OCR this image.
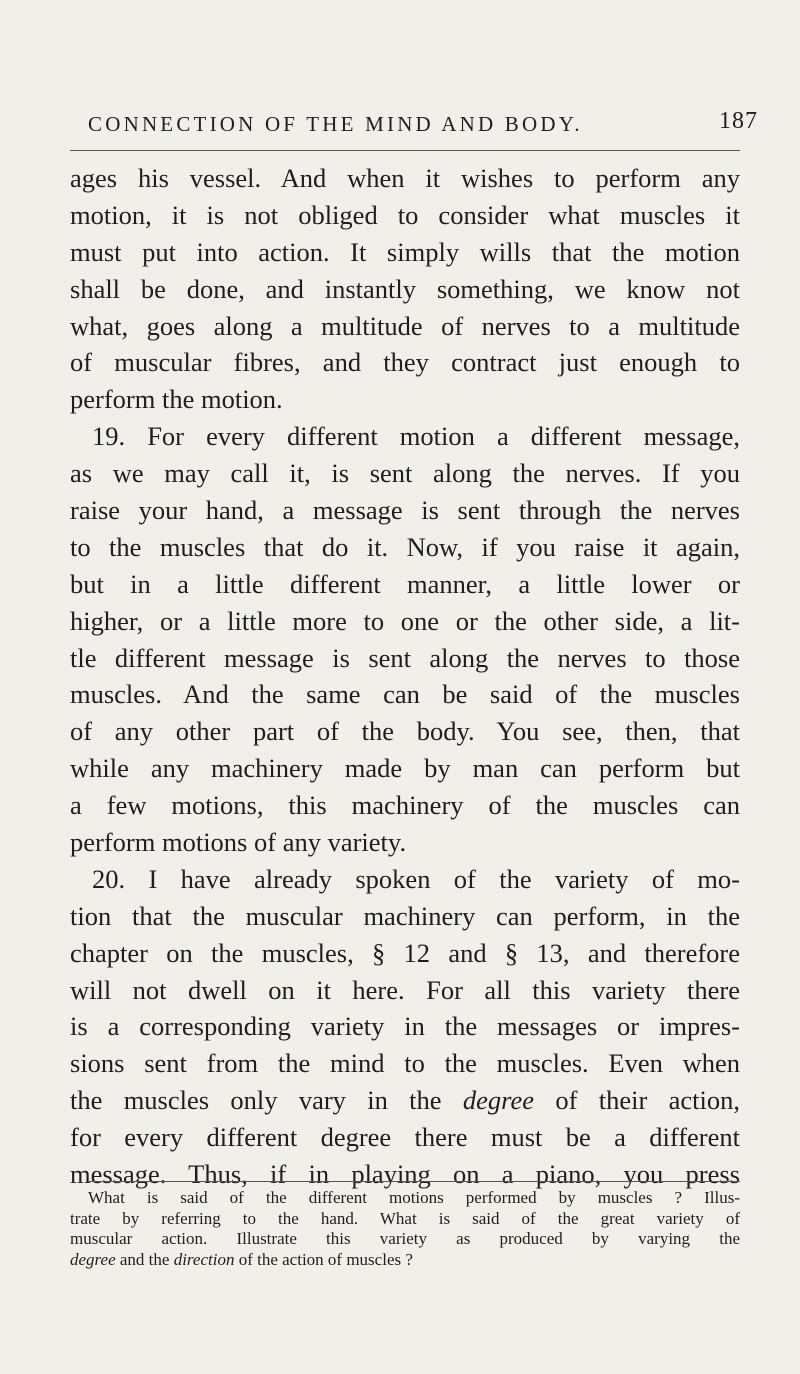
CONNECTION OF THE MIND AND BODY.	187
ages his vessel. And when it wishes to perform any
motion, it is not obliged to consider what muscles it
must put into action. It simply wills that the motion
shall be done, and instantly something, we know not
what, goes along a multitude of nerves to a multitude
of muscular fibres, and they contract just enough to
perform the motion.
19. For every different motion a different message,
as we may call it, is sent along the nerves. If you
raise your hand, a message is sent through the nerves
to the muscles that do it. Now, if you raise it again,
but in a little different manner, a little lower or
higher, or a little more to one or the other side, a lit-
tle different message is sent along the nerves to those
muscles. And the same can be said of the muscles
of any other part of the body. You see, then, that
while any machinery made by man can perform but
a few motions, this machinery of the muscles can
perform motions of any variety.
20. I have already spoken of the variety of mo-
tion that the muscular machinery can perform, in the
chapter on the muscles, § 12 and § 13, and therefore
will not dwell on it here. For all this variety there
is a corresponding variety in the messages or impres-
sions sent from the mind to the muscles. Even when
the muscles only vary in the degree of their action,
for every different degree there must be a different
message. Thus, if in playing on a piano, you press
What is said of the different motions performed by muscles ? Illus-
trate by referring to the hand. What is said of the great variety of
muscular action. Illustrate this variety as produced by varying the
degree and the direction of the action of muscles ?
